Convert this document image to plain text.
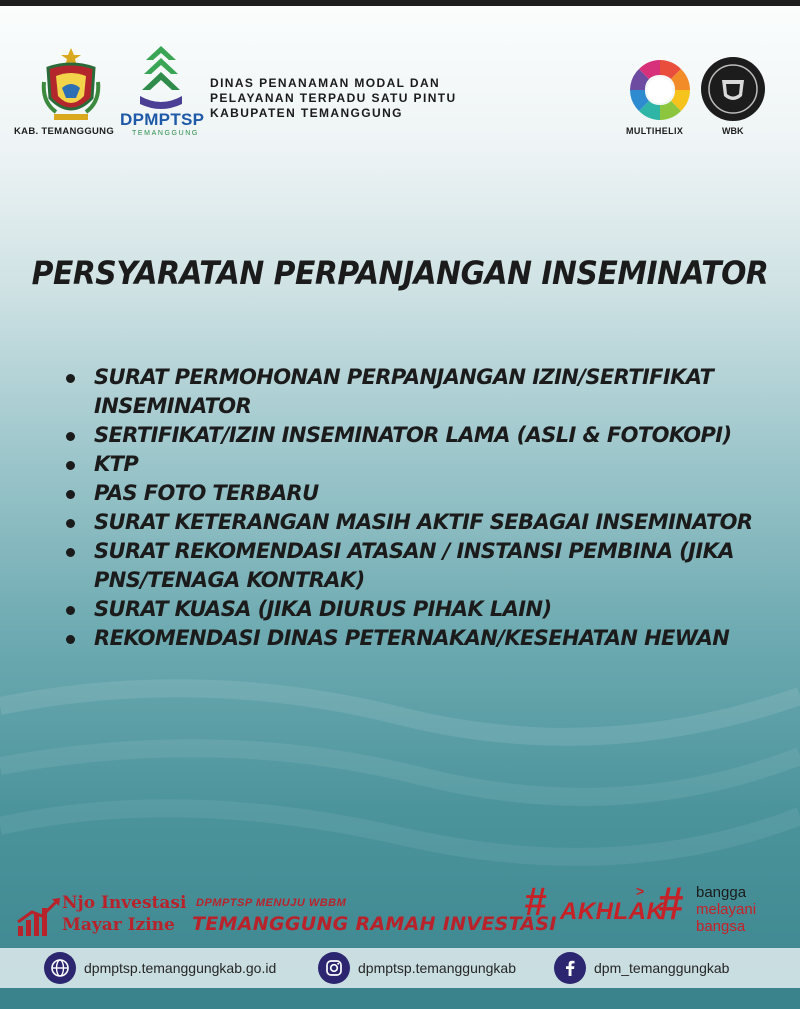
KAB. TEMANGGUNG
DPMPTSP
TEMANGGUNG
DINAS PENANAMAN MODAL DAN
PELAYANAN TERPADU SATU PINTU
KABUPATEN TEMANGGUNG
MULTIHELIX	WBK
PERSYARATAN PERPANJANGAN INSEMINATOR
SURAT PERMOHONAN PERPANJANGAN IZIN/SERTIFIKAT INSEMINATOR
SERTIFIKAT/IZIN INSEMINATOR LAMA (ASLI & FOTOKOPI)
KTP
PAS FOTO TERBARU
SURAT KETERANGAN MASIH AKTIF SEBAGAI INSEMINATOR
SURAT REKOMENDASI ATASAN / INSTANSI PEMBINA (JIKA PNS/TENAGA KONTRAK)
SURAT KUASA (JIKA DIURUS PIHAK LAIN)
REKOMENDASI DINAS PETERNAKAN/KESEHATAN HEWAN
Njo Investasi
Mayar Izine
DPMPTSP MENUJU WBBM
TEMANGGUNG RAMAH INVESTASI
# AKHLAK
> # bangga
melayani
bangsa
dpmptsp.temanggungkab.go.id	dpmptsp.temanggungkab	dpm_temanggungkab
